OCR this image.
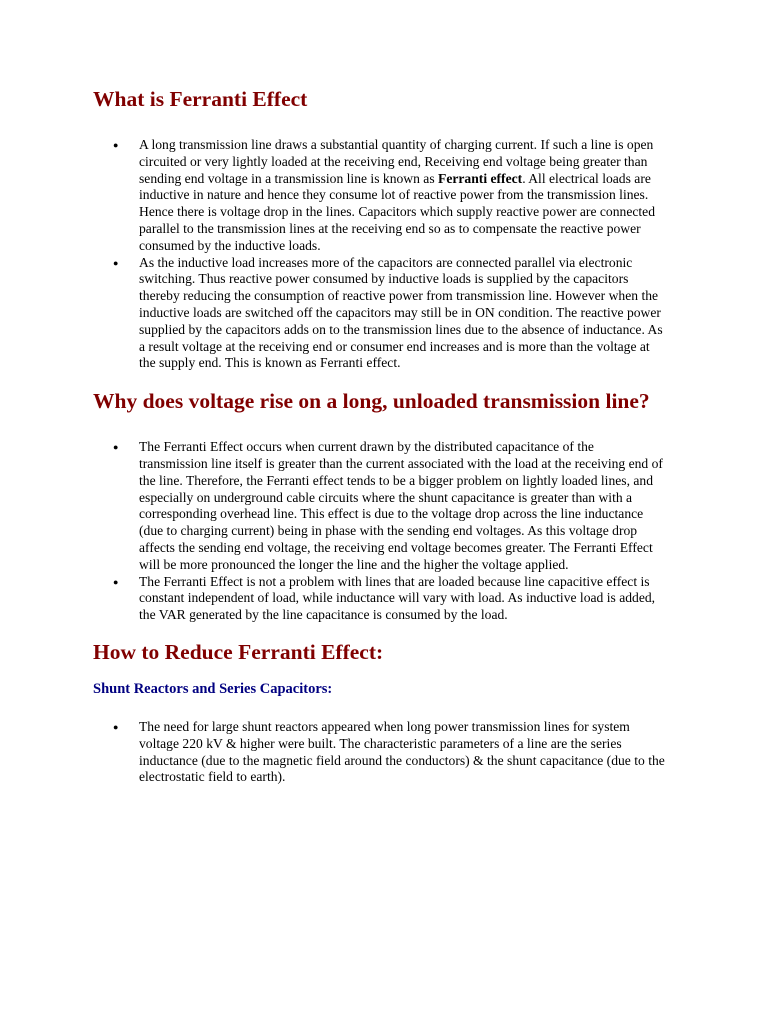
What is Ferranti Effect
● A long transmission line draws a substantial quantity of charging current. If such a line is open circuited or very lightly loaded at the receiving end, Receiving end voltage being greater than sending end voltage in a transmission line is known as Ferranti effect. All electrical loads are inductive in nature and hence they consume lot of reactive power from the transmission lines. Hence there is voltage drop in the lines. Capacitors which supply reactive power are connected parallel to the transmission lines at the receiving end so as to compensate the reactive power consumed by the inductive loads.
● As the inductive load increases more of the capacitors are connected parallel via electronic switching. Thus reactive power consumed by inductive loads is supplied by the capacitors thereby reducing the consumption of reactive power from transmission line. However when the inductive loads are switched off the capacitors may still be in ON condition. The reactive power supplied by the capacitors adds on to the transmission lines due to the absence of inductance. As a result voltage at the receiving end or consumer end increases and is more than the voltage at the supply end. This is known as Ferranti effect.
Why does voltage rise on a long, unloaded transmission line?
● The Ferranti Effect occurs when current drawn by the distributed capacitance of the transmission line itself is greater than the current associated with the load at the receiving end of the line. Therefore, the Ferranti effect tends to be a bigger problem on lightly loaded lines, and especially on underground cable circuits where the shunt capacitance is greater than with a corresponding overhead line. This effect is due to the voltage drop across the line inductance (due to charging current) being in phase with the sending end voltages. As this voltage drop affects the sending end voltage, the receiving end voltage becomes greater. The Ferranti Effect will be more pronounced the longer the line and the higher the voltage applied.
● The Ferranti Effect is not a problem with lines that are loaded because line capacitive effect is constant independent of load, while inductance will vary with load. As inductive load is added, the VAR generated by the line capacitance is consumed by the load.
How to Reduce Ferranti Effect:
Shunt Reactors and Series Capacitors:
● The need for large shunt reactors appeared when long power transmission lines for system voltage 220 kV & higher were built. The characteristic parameters of a line are the series inductance (due to the magnetic field around the conductors) & the shunt capacitance (due to the electrostatic field to earth).
